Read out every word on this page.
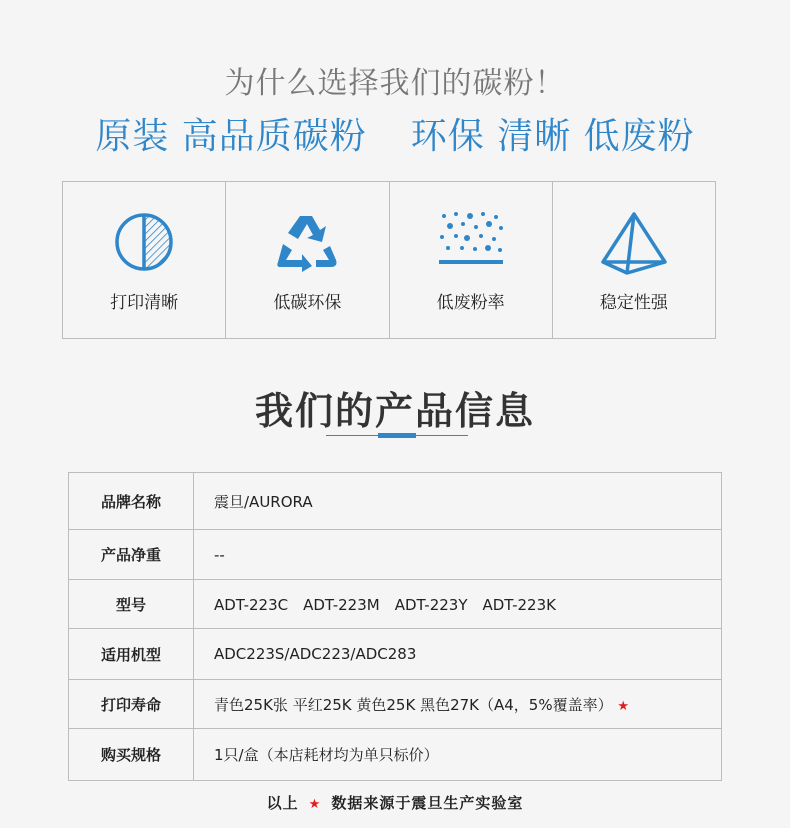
为什么选择我们的碳粉！
原装 高品质碳粉 环保 清晰 低废粉
打印清晰	低碳环保	低废粉率	稳定性强
我们的产品信息
品牌名称	震旦/AURORA
产品净重	--
型号	ADT-223C　ADT-223M　ADT-223Y　ADT-223K
适用机型	ADC223S/ADC223/ADC283
打印寿命	青色25K张 平红25K 黄色25K 黑色27K（A4，5%覆盖率） ★
购买规格	1只/盒（本店耗材均为单只标价）
以上 ★ 数据来源于震旦生产实验室
